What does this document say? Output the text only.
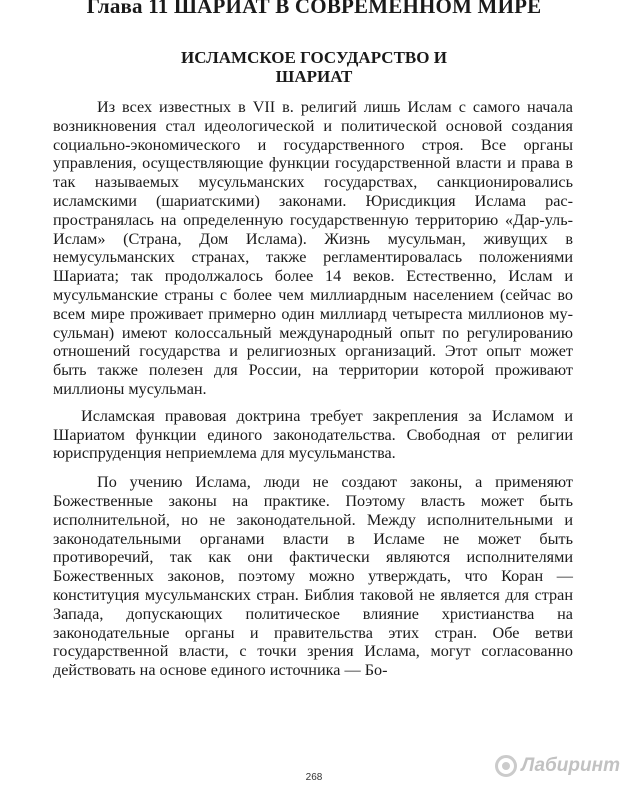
Глава 11 ШАРИАТ В СОВРЕМЕННОМ МИРЕ
ИСЛАМСКОЕ ГОСУДАРСТВО И
ШАРИАТ

Из всех известных в VII в. религий лишь Ислам с самого начала возникновения стал идеологической и политической основой создания социально-экономического и государственного строя. Все органы управления, осуществляющие функции государственной власти и права в так называемых мусульманских государствах, санкционировались исламскими (шариатскими) законами. Юрисдикция Ислама рас-пространялась на определенную государственную территорию «Дар-уль-Ислам» (Страна, Дом Ислама). Жизнь мусульман, живущих в немусульманских странах, также регламентировалась положениями Шариата; так продолжалось более 14 веков. Естественно, Ислам и мусульманские страны с более чем миллиардным населением (сейчас во всем мире проживает примерно один миллиард четыреста миллионов му-сульман) имеют колоссальный международный опыт по регулированию отношений государства и религиозных организаций. Этот опыт может быть также полезен для России, на территории которой проживают миллионы мусульман.

Исламская правовая доктрина требует закрепления за Исламом и Шариатом функции единого законодательства. Свободная от религии юриспруденция неприемлема для мусульманства.

По учению Ислама, люди не создают законы, а применяют Божественные законы на практике. Поэтому власть может быть исполнительной, но не законодательной. Между исполнительными и законодательными органами власти в Исламе не может быть противоречий, так как они фактически являются исполнителями Божественных законов, поэтому можно утверждать, что Коран — конституция мусульманских стран. Библия таковой не является для стран Запада, допускающих политическое влияние христианства на законодательные органы и правительства этих стран. Обе ветви государственной власти, с точки зрения Ислама, могут согласованно действовать на основе единого источника — Бо-

268
Лабиринт
